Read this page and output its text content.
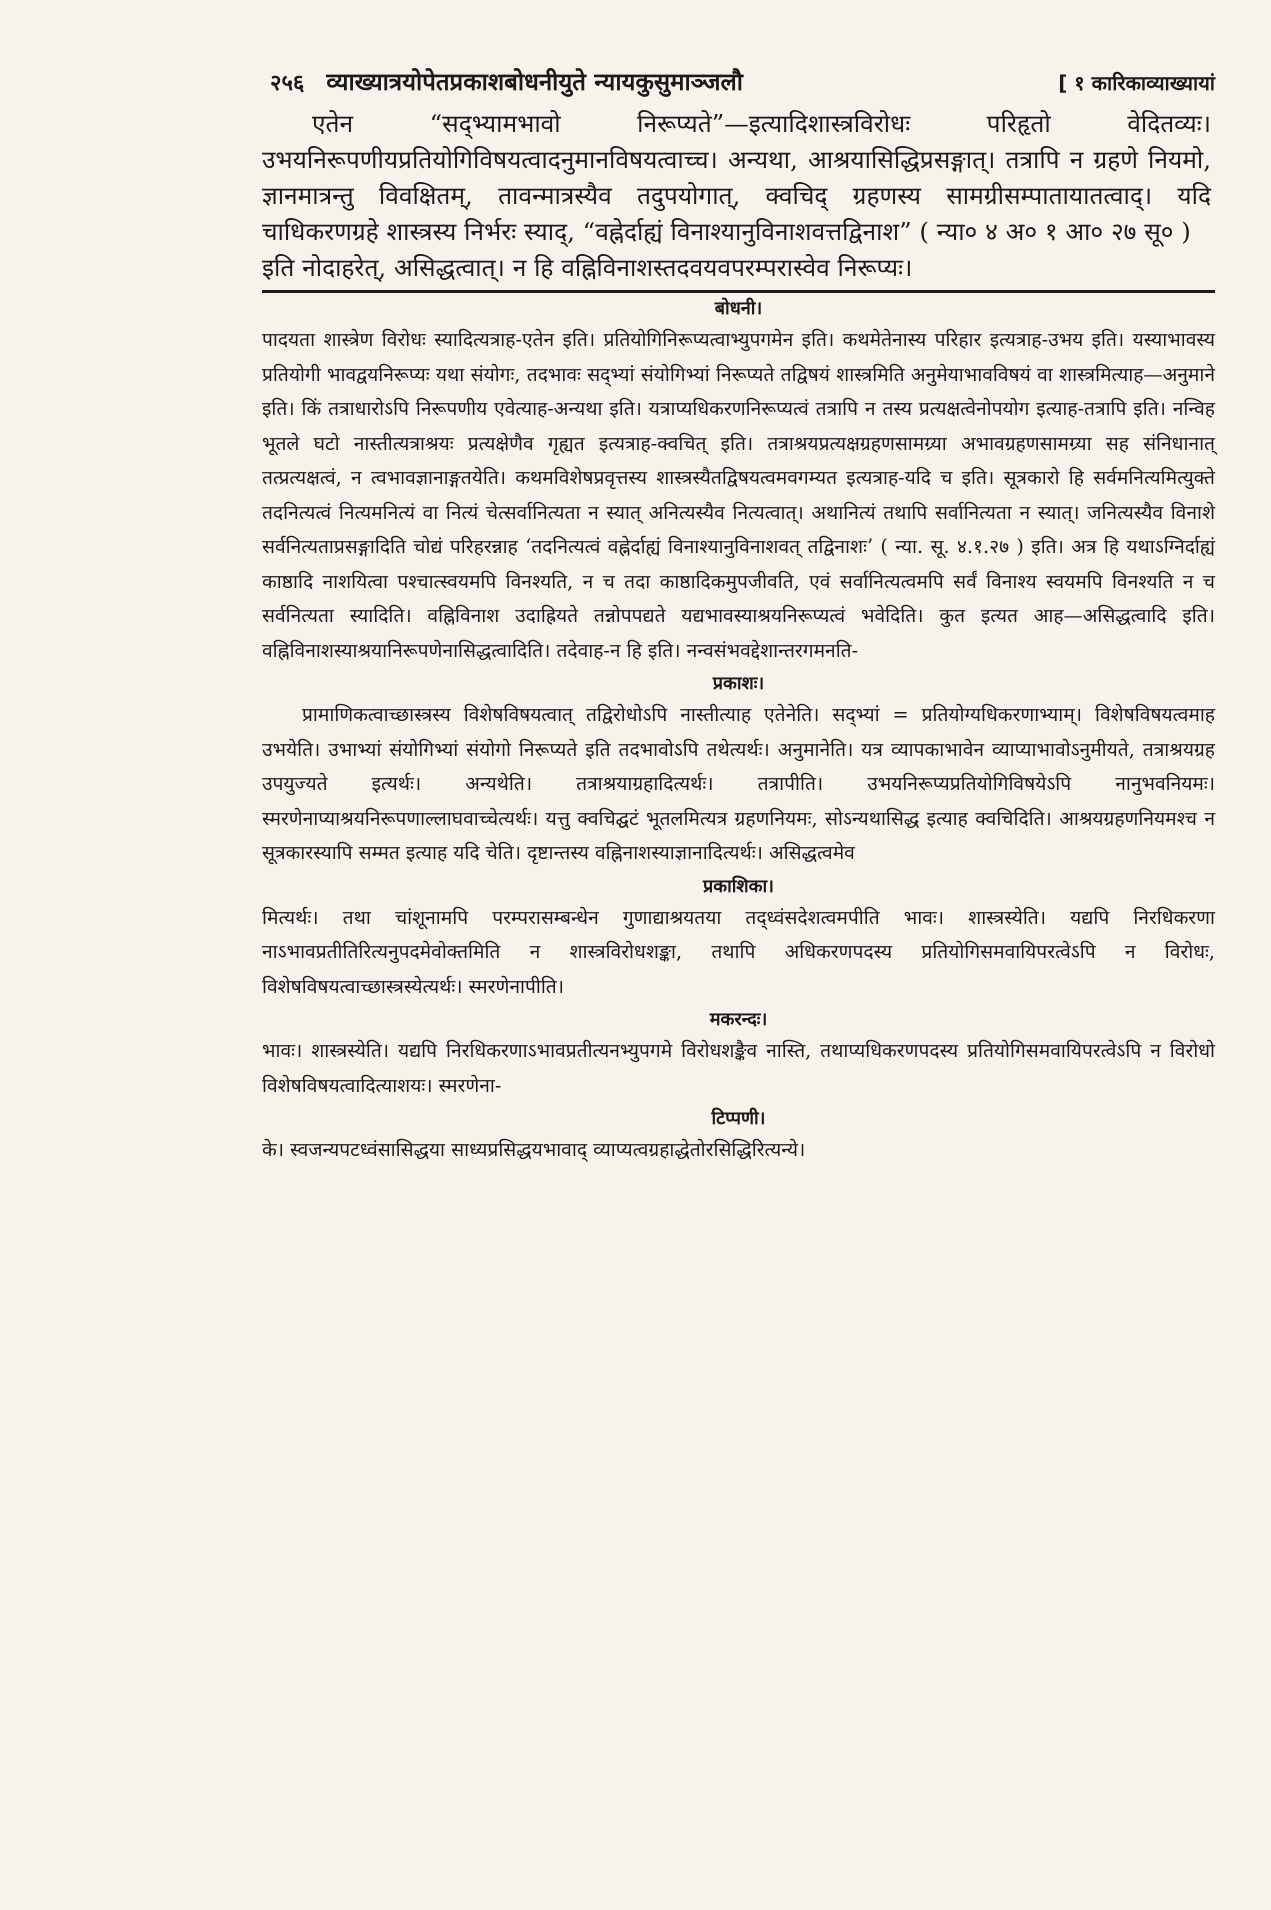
२५६ व्याख्यात्रयोपेतप्रकाशबोधनीयुते न्यायकुसुमाञ्जलौ	[ १ कारिकाव्याख्यायां

एतेन “सद्भ्यामभावो निरूप्यते”—इत्यादिशास्त्रविरोधः परिहृतो वेदितव्यः। उभयनिरूपणीयप्रतियोगिविषयत्वादनुमानविषयत्वाच्च। अन्यथा, आश्रयासिद्धिप्रसङ्गात्। तत्रापि न ग्रहणे नियमो, ज्ञानमात्रन्तु विवक्षितम्, तावन्मात्रस्यैव तदुपयोगात्, क्वचिद् ग्रहणस्य सामग्रीसम्पातायातत्वाद्। यदि चाधिकरणग्रहे शास्त्रस्य निर्भरः स्याद्, “वह्नेर्दाह्यं विनाश्यानुविनाशवत्तद्विनाश” ( न्या० ४ अ० १ आ० २७ सू० )

इति नोदाहरेत्, असिद्धत्वात्। न हि वह्निविनाशस्तदवयवपरम्परास्वेव निरूप्यः।

बोधनी।

पादयता शास्त्रेण विरोधः स्यादित्यत्राह-एतेन इति। प्रतियोगिनिरूप्यत्वाभ्युपगमेन इति। कथमेतेनास्य परिहार इत्यत्राह-उभय इति। यस्याभावस्य प्रतियोगी भावद्वयनिरूप्यः यथा संयोगः, तदभावः सद्भ्यां संयोगिभ्यां निरूप्यते तद्विषयं शास्त्रमिति अनुमेयाभावविषयं वा शास्त्रमित्याह—अनुमाने इति। किं तत्राधारोऽपि निरूपणीय एवेत्याह-अन्यथा इति। यत्राप्यधिकरणनिरूप्यत्वं तत्रापि न तस्य प्रत्यक्षत्वेनोपयोग इत्याह-तत्रापि इति। नन्विह भूतले घटो नास्तीत्यत्राश्रयः प्रत्यक्षेणैव गृह्यत इत्यत्राह-क्वचित् इति। तत्राश्रयप्रत्यक्षग्रहणसामग्र्या अभावग्रहणसामग्र्या सह संनिधानात् तत्प्रत्यक्षत्वं, न त्वभावज्ञानाङ्गतयेति। कथमविशेषप्रवृत्तस्य शास्त्रस्यैतद्विषयत्वमवगम्यत इत्यत्राह-यदि च इति। सूत्रकारो हि सर्वमनित्यमित्युक्ते तदनित्यत्वं नित्यमनित्यं वा नित्यं चेत्सर्वानित्यता न स्यात् अनित्यस्यैव नित्यत्वात्। अथानित्यं तथापि सर्वानित्यता न स्यात्। जनित्यस्यैव विनाशे सर्वनित्यताप्रसङ्गादिति चोद्यं परिहरन्नाह ‘तदनित्यत्वं वह्नेर्दाह्यं विनाश्यानुविनाशवत् तद्विनाशः’ ( न्या. सू. ४.१.२७ ) इति। अत्र हि यथाऽग्निर्दाह्यं काष्ठादि नाशयित्वा पश्चात्स्वयमपि विनश्यति, न च तदा काष्ठादिकमुपजीवति, एवं सर्वानित्यत्वमपि सर्वं विनाश्य स्वयमपि विनश्यति न च सर्वनित्यता स्यादिति। वह्निविनाश उदाह्रियते तन्नोपपद्यते यद्यभावस्याश्रयनिरूप्यत्वं भवेदिति। कुत इत्यत आह—असिद्धत्वादि इति। वह्निविनाशस्याश्रयानिरूपणेनासिद्धत्वादिति। तदेवाह-न हि इति। नन्वसंभवद्देशान्तरगमनति-

प्रकाशः।

प्रामाणिकत्वाच्छास्त्रस्य विशेषविषयत्वात् तद्विरोधोऽपि नास्तीत्याह एतेनेति। सद्भ्यां = प्रतियोग्यधिकरणाभ्याम्। विशेषविषयत्वमाह उभयेति। उभाभ्यां संयोगिभ्यां संयोगो निरूप्यते इति तदभावोऽपि तथेत्यर्थः। अनुमानेति। यत्र व्यापकाभावेन व्याप्याभावोऽनुमीयते, तत्राश्रयग्रह उपयुज्यते इत्यर्थः। अन्यथेति। तत्राश्रयाग्रहादित्यर्थः। तत्रापीति। उभयनिरूप्यप्रतियोगिविषयेऽपि नानुभवनियमः। स्मरणेनाप्याश्रयनिरूपणाल्लाघवाच्चेत्यर्थः। यत्तु क्वचिद्घटं भूतलमित्यत्र ग्रहणनियमः, सोऽन्यथासिद्ध इत्याह क्वचिदिति। आश्रयग्रहणनियमश्च न सूत्रकारस्यापि सम्मत इत्याह यदि चेति। दृष्टान्तस्य वह्निनाशस्याज्ञानादित्यर्थः। असिद्धत्वमेव

प्रकाशिका।

मित्यर्थः। तथा चांशूनामपि परम्परासम्बन्धेन गुणाद्याश्रयतया तद्ध्वंसदेशत्वमपीति भावः। शास्त्रस्येति। यद्यपि निरधिकरणा नाऽभावप्रतीतिरित्यनुपदमेवोक्तमिति न शास्त्रविरोधशङ्का, तथापि अधिकरणपदस्य प्रतियोगिसमवायिपरत्वेऽपि न विरोधः, विशेषविषयत्वाच्छास्त्रस्येत्यर्थः। स्मरणेनापीति।

मकरन्दः।

भावः। शास्त्रस्येति। यद्यपि निरधिकरणाऽभावप्रतीत्यनभ्युपगमे विरोधशङ्कैव नास्ति, तथाप्यधिकरणपदस्य प्रतियोगिसमवायिपरत्वेऽपि न विरोधो विशेषविषयत्वादित्याशयः। स्मरणेना-

टिप्पणी।

के। स्वजन्यपटध्वंसासिद्धया साध्यप्रसिद्धयभावाद् व्याप्यत्वग्रहाद्धेतोरसिद्धिरित्यन्ये।
